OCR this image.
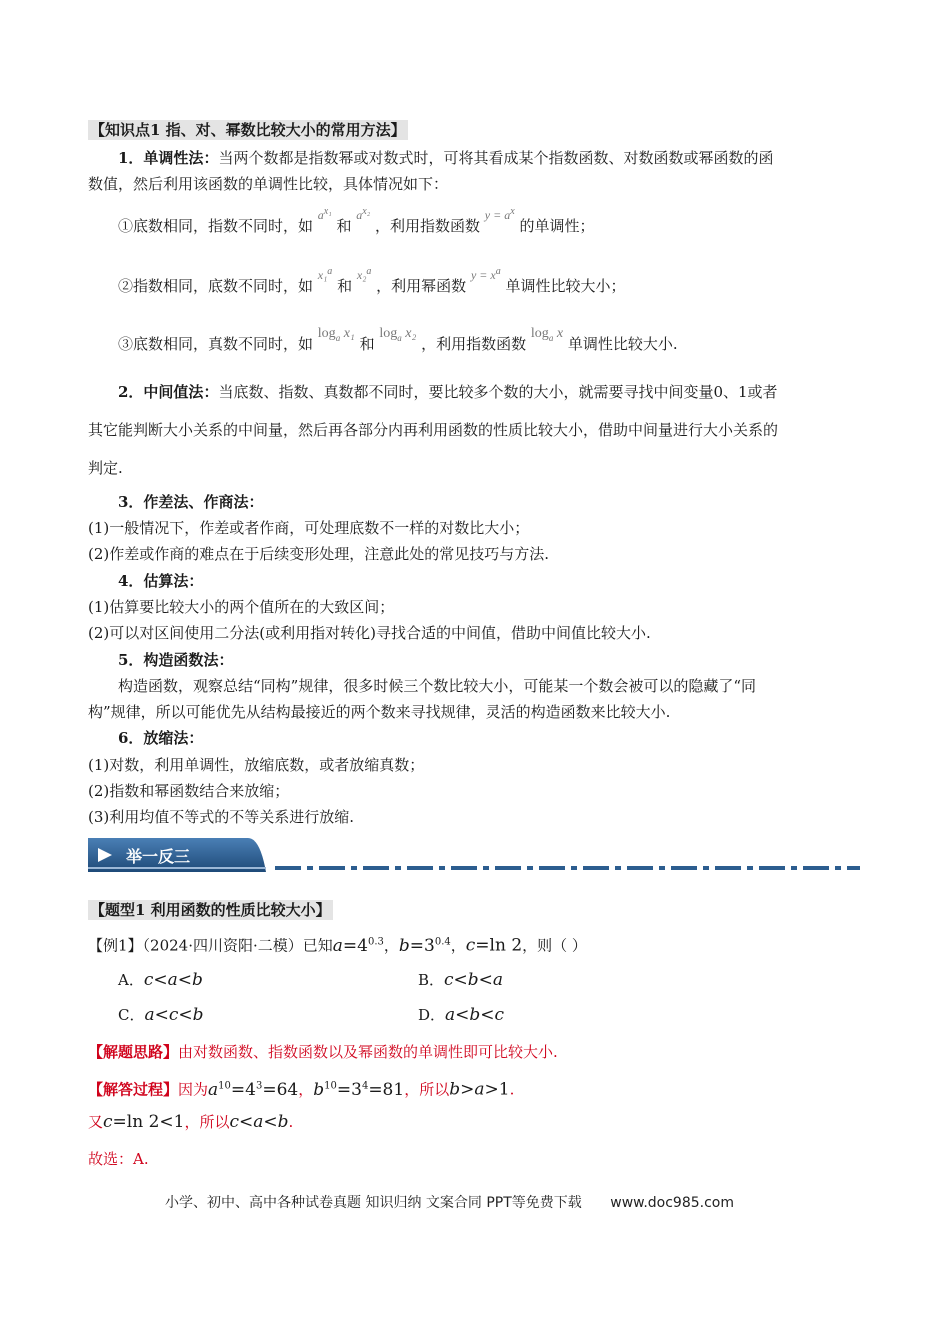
【知识点1 指、对、幂数比较大小的常用方法】
1．单调性法：当两个数都是指数幂或对数式时，可将其看成某个指数函数、对数函数或幂函数的函
数值，然后利用该函数的单调性比较，具体情况如下：
①底数相同，指数不同时，如 $^{a^{x_1}}$ 和 $^{a^{x_2}}$ ，利用指数函数 $^{y = a^x}$ 的单调性；
②指数相同，底数不同时，如 $^{x_1^a}$ 和 $^{x_2^a}$ ，利用幂函数 $^{y = x^a}$ 单调性比较大小；
③底数相同，真数不同时，如 $\log_a x_1$ 和 $\log_a x_2$ ，利用指数函数 $\log_a x$ 单调性比较大小.
2．中间值法：当底数、指数、真数都不同时，要比较多个数的大小，就需要寻找中间变量0、1或者
其它能判断大小关系的中间量，然后再各部分内再利用函数的性质比较大小，借助中间量进行大小关系的
判定.
3．作差法、作商法：
(1)一般情况下，作差或者作商，可处理底数不一样的对数比大小；
(2)作差或作商的难点在于后续变形处理，注意此处的常见技巧与方法.
4．估算法：
(1)估算要比较大小的两个值所在的大致区间；
(2)可以对区间使用二分法(或利用指对转化)寻找合适的中间值，借助中间值比较大小.
5．构造函数法：
构造函数，观察总结“同构”规律，很多时候三个数比较大小，可能某一个数会被可以的隐藏了“同
构”规律，所以可能优先从结构最接近的两个数来寻找规律，灵活的构造函数来比较大小.
6．放缩法：
(1)对数，利用单调性，放缩底数，或者放缩真数；
(2)指数和幂函数结合来放缩；
(3)利用均值不等式的不等关系进行放缩.
举一反三
【题型1 利用函数的性质比较大小】
【例1】（2024·四川资阳·二模）已知$a=4^{0.3}$，$b=3^{0.4}$，c=ln 2，则（ ）
A．c<a<b	B．c<b<a
C．a<c<b	D．a<b<c
【解题思路】由对数函数、指数函数以及幂函数的单调性即可比较大小.
【解答过程】因为$a^{10}=4^3=64$，$b^{10}=3^4=81$，所以b>a>1.
又c=ln 2<1，所以c<a<b.
故选：A.
小学、初中、高中各种试卷真题 知识归纳 文案合同 PPT等免费下载 www.doc985.com
